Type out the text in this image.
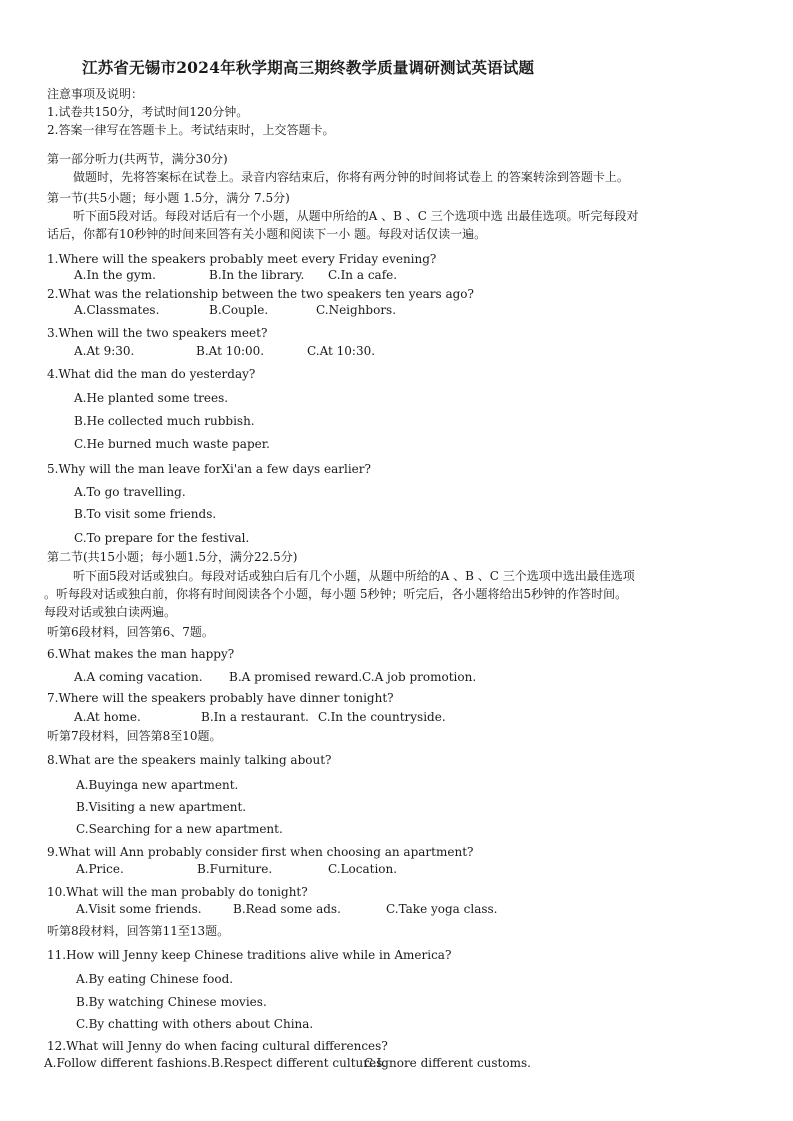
江苏省无锡市2024年秋学期高三期终教学质量调研测试英语试题
注意事项及说明：
1.试卷共150分，考试时间120分钟。
2.答案一律写在答题卡上。考试结束时，上交答题卡。
第一部分听力(共两节，满分30分)
做题时，先将答案标在试卷上。录音内容结束后，你将有两分钟的时间将试卷上 的答案转涂到答题卡上。
第一节(共5小题；每小题 1.5分，满分 7.5分)
听下面5段对话。每段对话后有一个小题，从题中所给的A 、B 、C 三个选项中选 出最佳选项。听完每段对
话后，你都有10秒钟的时间来回答有关小题和阅读下一小 题。每段对话仅读一遍。
1.Where will the speakers probably meet every Friday evening?
A.In the gym.	B.In the library. C.In a cafe.
2.What was the relationship between the two speakers ten years ago?
A.Classmates.	B.Couple.	C.Neighbors.
3.When will the two speakers meet?
A.At 9:30.	B.At 10:00.	C.At 10:30.
4.What did the man do yesterday?
A.He planted some trees.
B.He collected much rubbish.
C.He burned much waste paper.
5.Why will the man leave forXi'an a few days earlier?
A.To go travelling.
B.To visit some friends.
C.To prepare for the festival.
第二节(共15小题；每小题1.5分，满分22.5分)
听下面5段对话或独白。每段对话或独白后有几个小题，从题中所给的A 、B 、C 三个选项中选出最佳选项
。听每段对话或独白前，你将有时间阅读各个小题，每小题 5秒钟；听完后，各小题将给出5秒钟的作答时间。
每段对话或独白读两遍。
听第6段材料，回答第6、7题。
6.What makes the man happy?
A.A coming vacation. B.A promised reward. C.A job promotion.
7.Where will the speakers probably have dinner tonight?
A.At home.	B.In a restaurant. C.In the countryside.
听第7段材料，回答第8至10题。
8.What are the speakers mainly talking about?
A.Buyinga new apartment.
B.Visiting a new apartment.
C.Searching for a new apartment.
9.What will Ann probably consider first when choosing an apartment?
A.Price.	B.Furniture.	C.Location.
10.What will the man probably do tonight?
A.Visit some friends.	B.Read some ads.	C.Take yoga class.
听第8段材料，回答第11至13题。
11.How will Jenny keep Chinese traditions alive while in America?
A.By eating Chinese food.
B.By watching Chinese movies.
C.By chatting with others about China.
12.What will Jenny do when facing cultural differences?
A.Follow different fashions. B.Respect different cultures.
C.Ignore different customs.
